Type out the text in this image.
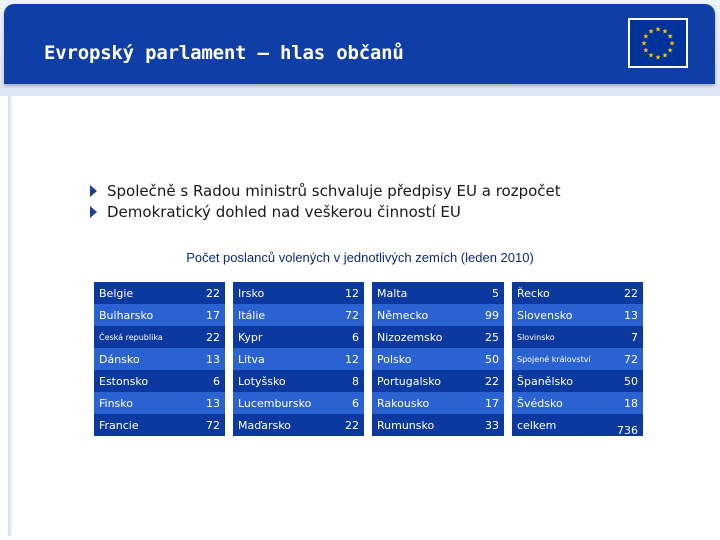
Evropský parlament – hlas občanů
★ ★
★
★
★
★
★
★
★
★
★
★
Společně s Radou ministrů schvaluje předpisy EU a rozpočet
Demokratický dohled nad veškerou činností EU
Počet poslanců volených v jednotlivých zemích (leden 2010)
Belgie	22
Bulharsko	17
Česká republika	22
Dánsko	13
Estonsko	6
Finsko	13
Francie	72
Irsko	12
Itálie	72
Kypr	6
Litva	12
Lotyšsko	8
Lucembursko	6
Maďarsko	22
Malta	5
Německo	99
Nizozemsko	25
Polsko	50
Portugalsko	22
Rakousko	17
Rumunsko	33
Řecko	22
Slovensko	13
Slovinsko	7
Spojené království	72
Španělsko	50
Švédsko	18
celkem	736
